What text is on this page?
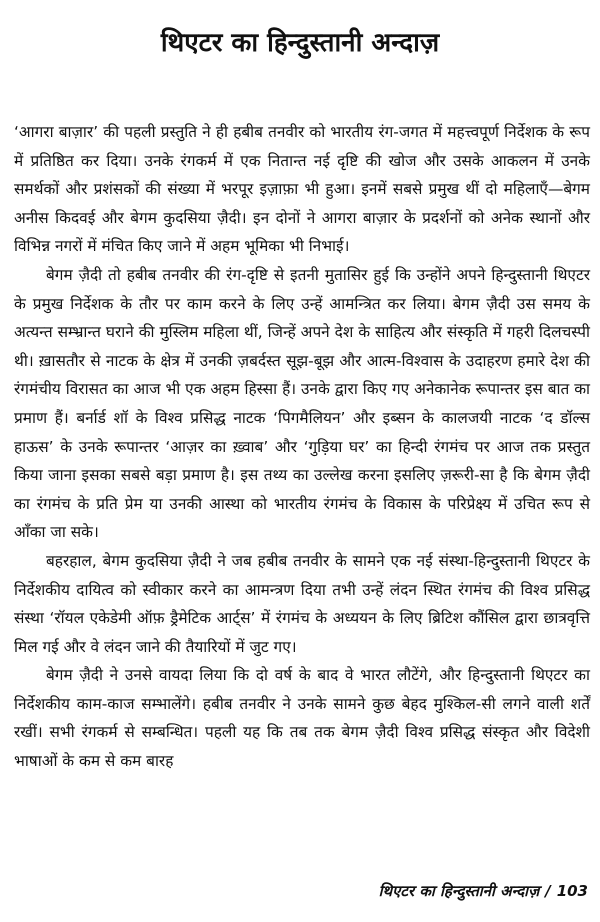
थिएटर का हिन्दुस्तानी अन्दाज़

‘आगरा बाज़ार’ की पहली प्रस्तुति ने ही हबीब तनवीर को भारतीय रंग-जगत में महत्त्वपूर्ण निर्देशक के रूप में प्रतिष्ठित कर दिया। उनके रंगकर्म में एक नितान्त नई दृष्टि की खोज और उसके आकलन में उनके समर्थकों और प्रशंसकों की संख्या में भरपूर इज़ाफ़ा भी हुआ। इनमें सबसे प्रमुख थीं दो महिलाएँ—बेगम अनीस किदवई और बेगम कुदसिया ज़ैदी। इन दोनों ने आगरा बाज़ार के प्रदर्शनों को अनेक स्थानों और विभिन्न नगरों में मंचित किए जाने में अहम भूमिका भी निभाई।

बेगम ज़ैदी तो हबीब तनवीर की रंग-दृष्टि से इतनी मुतासिर हुई कि उन्होंने अपने हिन्दुस्तानी थिएटर के प्रमुख निर्देशक के तौर पर काम करने के लिए उन्हें आमन्त्रित कर लिया। बेगम ज़ैदी उस समय के अत्यन्त सम्भ्रान्त घराने की मुस्लिम महिला थीं, जिन्हें अपने देश के साहित्य और संस्कृति में गहरी दिलचस्पी थी। ख़ासतौर से नाटक के क्षेत्र में उनकी ज़बर्दस्त सूझ-बूझ और आत्म-विश्वास के उदाहरण हमारे देश की रंगमंचीय विरासत का आज भी एक अहम हिस्सा हैं। उनके द्वारा किए गए अनेकानेक रूपान्तर इस बात का प्रमाण हैं। बर्नार्ड शॉ के विश्व प्रसिद्ध नाटक ‘पिगमैलियन’ और इब्सन के कालजयी नाटक ‘द डॉल्स हाऊस’ के उनके रूपान्तर ‘आज़र का ख़्वाब’ और ‘गुड़िया घर’ का हिन्दी रंगमंच पर आज तक प्रस्तुत किया जाना इसका सबसे बड़ा प्रमाण है। इस तथ्य का उल्लेख करना इसलिए ज़रूरी-सा है कि बेगम ज़ैदी का रंगमंच के प्रति प्रेम या उनकी आस्था को भारतीय रंगमंच के विकास के परिप्रेक्ष्य में उचित रूप से आँका जा सके।

बहरहाल, बेगम कुदसिया ज़ैदी ने जब हबीब तनवीर के सामने एक नई संस्था-हिन्दुस्तानी थिएटर के निर्देशकीय दायित्व को स्वीकार करने का आमन्त्रण दिया तभी उन्हें लंदन स्थित रंगमंच की विश्व प्रसिद्ध संस्था ‘रॉयल एकेडेमी ऑफ़ ड्रैमेटिक आर्ट्स’ में रंगमंच के अध्ययन के लिए ब्रिटिश कौंसिल द्वारा छात्रवृत्ति मिल गई और वे लंदन जाने की तैयारियों में जुट गए।

बेगम ज़ैदी ने उनसे वायदा लिया कि दो वर्ष के बाद वे भारत लौटेंगे, और हिन्दुस्तानी थिएटर का निर्देशकीय काम-काज सम्भालेंगे। हबीब तनवीर ने उनके सामने कुछ बेहद मुश्किल-सी लगने वाली शर्तें रखीं। सभी रंगकर्म से सम्बन्धित। पहली यह कि तब तक बेगम ज़ैदी विश्व प्रसिद्ध संस्कृत और विदेशी भाषाओं के कम से कम बारह

थिएटर का हिन्दुस्तानी अन्दाज़ / 103
